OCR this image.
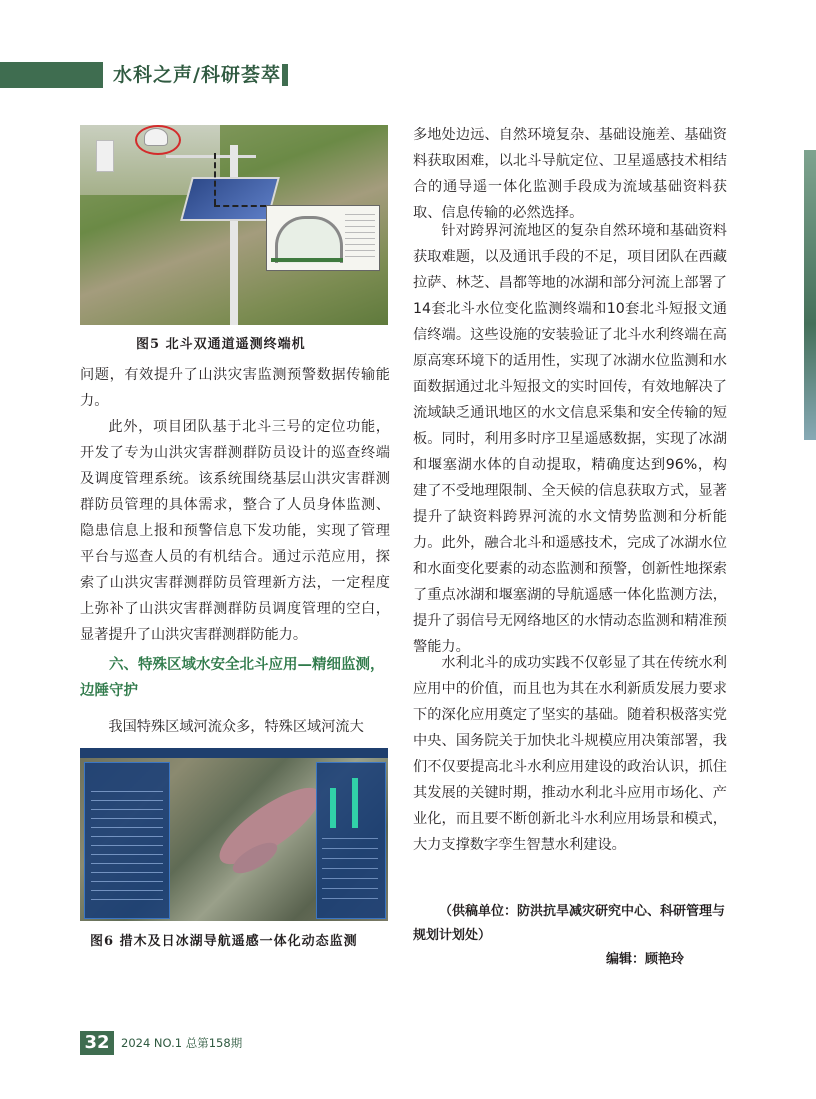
水科之声/科研荟萃

图5 北斗双通道遥测终端机

问题，有效提升了山洪灾害监测预警数据传输能力。

此外，项目团队基于北斗三号的定位功能，开发了专为山洪灾害群测群防员设计的巡查终端及调度管理系统。该系统围绕基层山洪灾害群测群防员管理的具体需求，整合了人员身体监测、隐患信息上报和预警信息下发功能，实现了管理平台与巡查人员的有机结合。通过示范应用，探索了山洪灾害群测群防员管理新方法，一定程度上弥补了山洪灾害群测群防员调度管理的空白，显著提升了山洪灾害群测群防能力。

六、特殊区域水安全北斗应用—精细监测，边陲守护

我国特殊区域河流众多，特殊区域河流大

图6 措木及日冰湖导航遥感一体化动态监测

多地处边远、自然环境复杂、基础设施差、基础资料获取困难，以北斗导航定位、卫星遥感技术相结合的通导遥一体化监测手段成为流域基础资料获取、信息传输的必然选择。

针对跨界河流地区的复杂自然环境和基础资料获取难题，以及通讯手段的不足，项目团队在西藏拉萨、林芝、昌都等地的冰湖和部分河流上部署了14套北斗水位变化监测终端和10套北斗短报文通信终端。这些设施的安装验证了北斗水利终端在高原高寒环境下的适用性，实现了冰湖水位监测和水面数据通过北斗短报文的实时回传，有效地解决了流域缺乏通讯地区的水文信息采集和安全传输的短板。同时，利用多时序卫星遥感数据，实现了冰湖和堰塞湖水体的自动提取，精确度达到96%，构建了不受地理限制、全天候的信息获取方式，显著提升了缺资料跨界河流的水文情势监测和分析能力。此外，融合北斗和遥感技术，完成了冰湖水位和水面变化要素的动态监测和预警，创新性地探索了重点冰湖和堰塞湖的导航遥感一体化监测方法，提升了弱信号无网络地区的水情动态监测和精准预警能力。

水利北斗的成功实践不仅彰显了其在传统水利应用中的价值，而且也为其在水利新质发展力要求下的深化应用奠定了坚实的基础。随着积极落实党中央、国务院关于加快北斗规模应用决策部署，我们不仅要提高北斗水利应用建设的政治认识，抓住其发展的关键时期，推动水利北斗应用市场化、产业化，而且要不断创新北斗水利应用场景和模式，大力支撑数字孪生智慧水利建设。

（供稿单位：防洪抗旱减灾研究中心、科研管理与规划计划处）

编辑：顾艳玲

32 2024 NO.1 总第158期
